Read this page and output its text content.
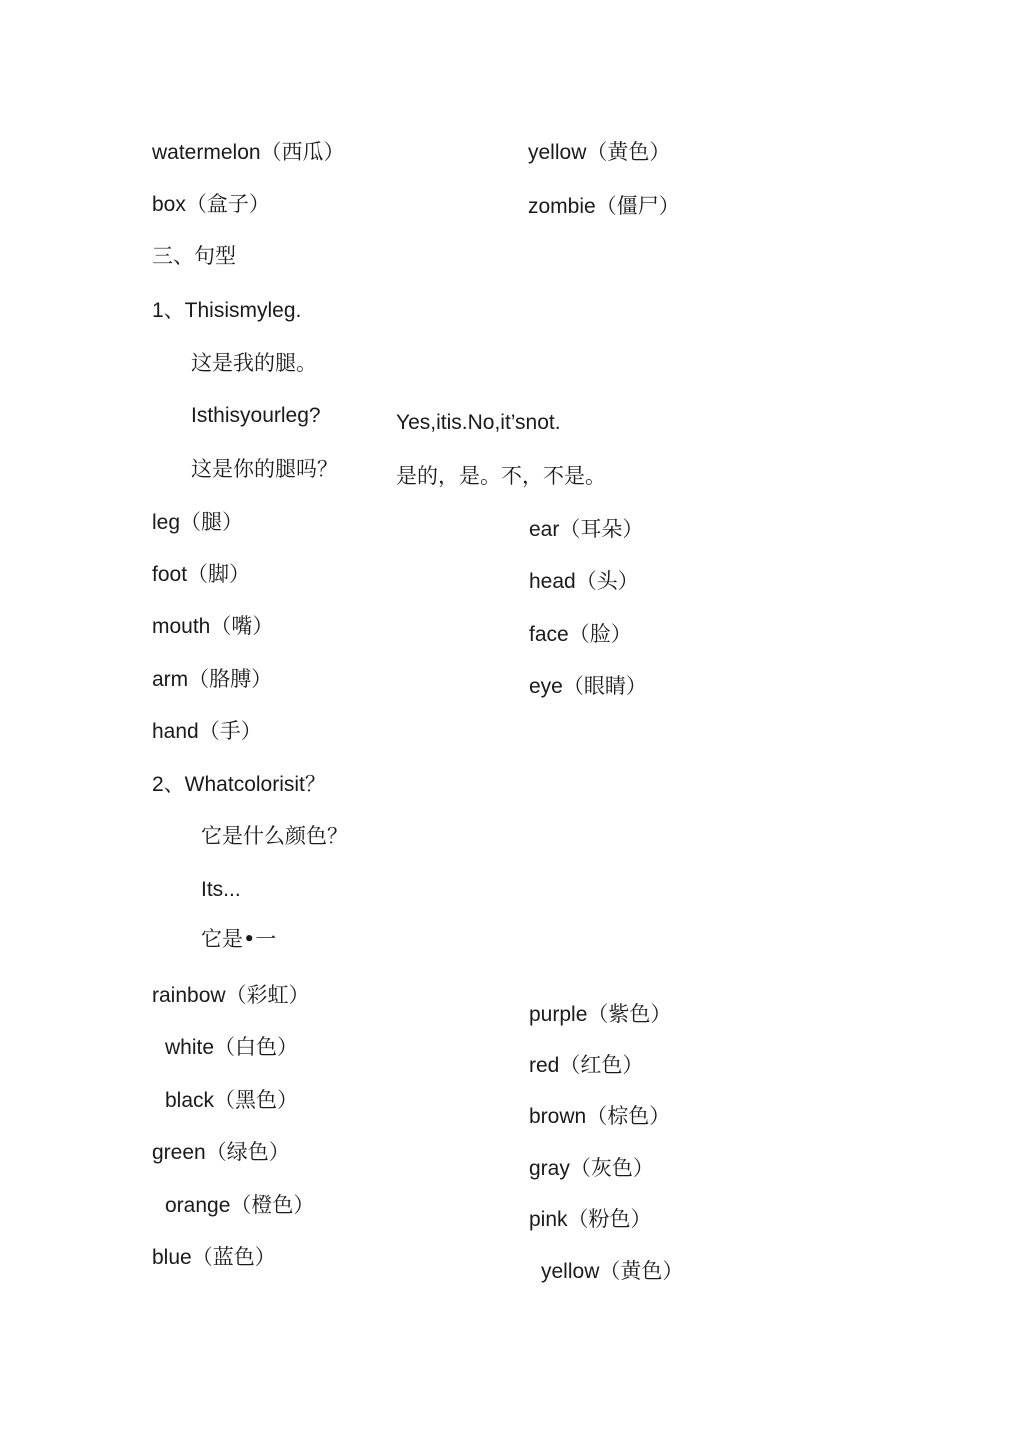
watermelon（西瓜）
box（盒子）
yellow（黄色）
zombie（僵尸）
三、句型
1、Thisismyleg.
这是我的腿。
Isthisyourleg?	Yes,itis.No,it’snot.
这是你的腿吗？	是的，是。不，不是。
leg（腿）
foot（脚）
mouth（嘴）
arm（胳膊）
hand（手）
ear（耳朵）
head（头）
face（脸）
eye（眼睛）
2、Whatcolorisit？
它是什么颜色？
Its...
它是•一
rainbow（彩虹）
white（白色）
black（黑色）
green（绿色）
orange（橙色）
blue（蓝色）
purple（紫色）
red（红色）
brown（棕色）
gray（灰色）
pink（粉色）
yellow（黄色）
